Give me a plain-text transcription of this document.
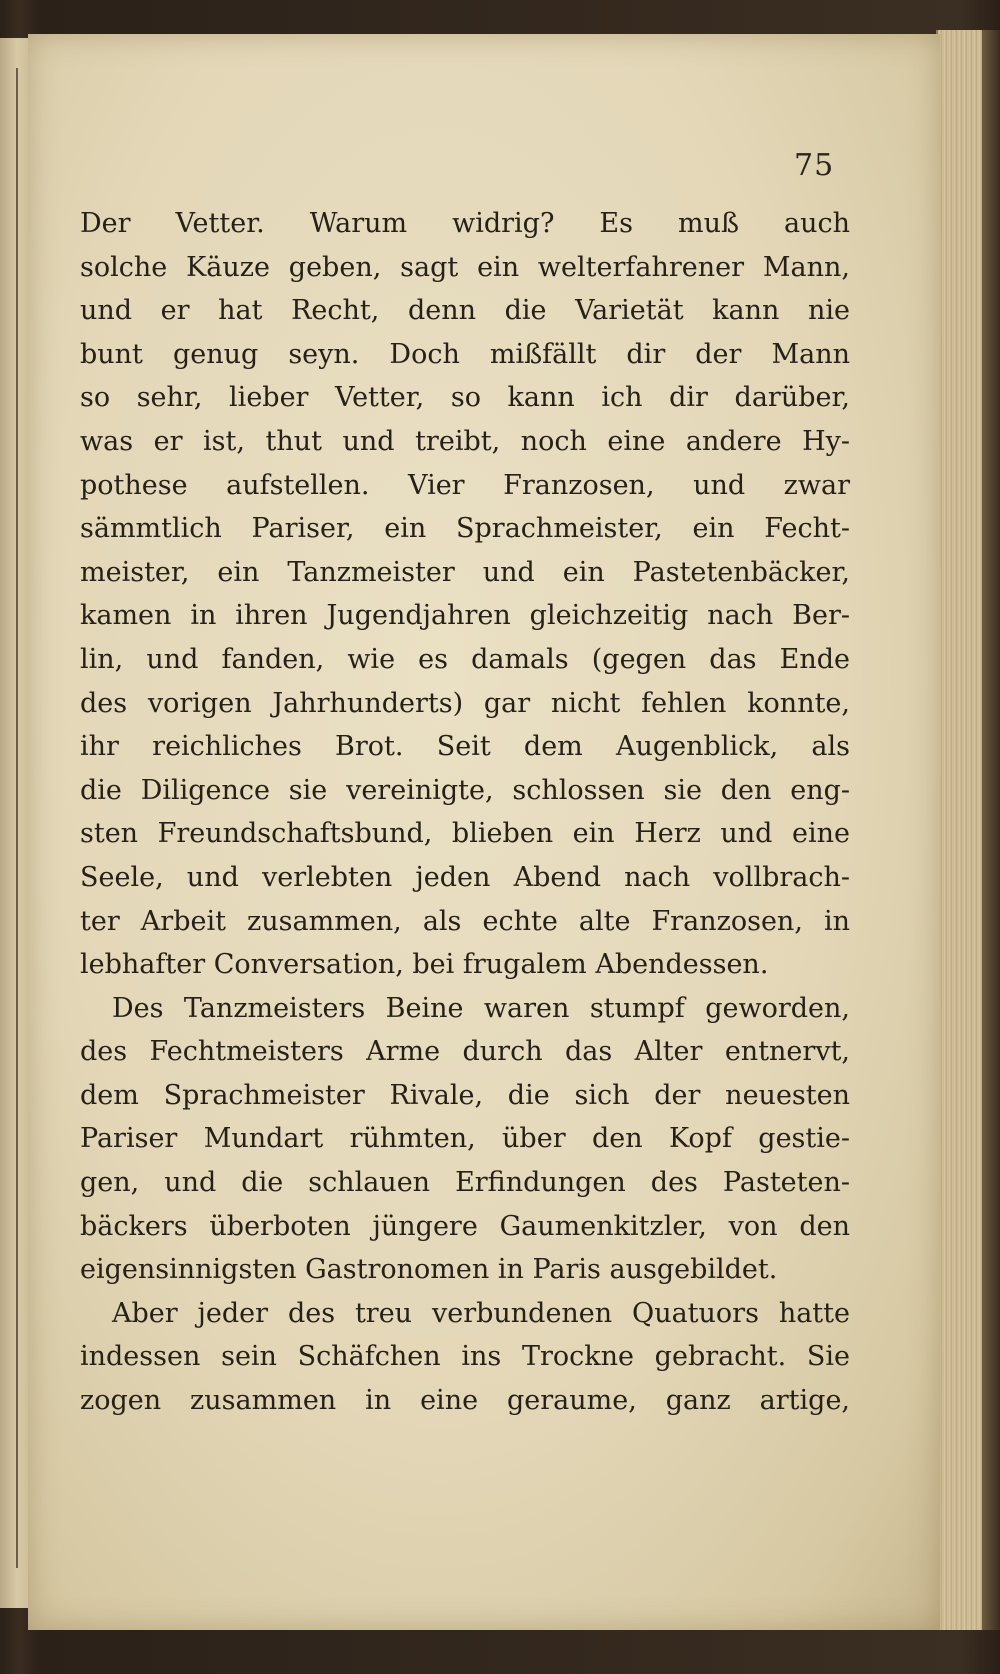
75
Der Vetter. Warum widrig? Es muß auch
solche Käuze geben, sagt ein welterfahrener Mann,
und er hat Recht, denn die Varietät kann nie
bunt genug seyn. Doch mißfällt dir der Mann
so sehr, lieber Vetter, so kann ich dir darüber,
was er ist, thut und treibt, noch eine andere Hy-
pothese aufstellen. Vier Franzosen, und zwar
sämmtlich Pariser, ein Sprachmeister, ein Fecht-
meister, ein Tanzmeister und ein Pastetenbäcker,
kamen in ihren Jugendjahren gleichzeitig nach Ber-
lin, und fanden, wie es damals (gegen das Ende
des vorigen Jahrhunderts) gar nicht fehlen konnte,
ihr reichliches Brot. Seit dem Augenblick, als
die Diligence sie vereinigte, schlossen sie den eng-
sten Freundschaftsbund, blieben ein Herz und eine
Seele, und verlebten jeden Abend nach vollbrach-
ter Arbeit zusammen, als echte alte Franzosen, in
lebhafter Conversation, bei frugalem Abendessen.
Des Tanzmeisters Beine waren stumpf geworden,
des Fechtmeisters Arme durch das Alter entnervt,
dem Sprachmeister Rivale, die sich der neuesten
Pariser Mundart rühmten, über den Kopf gestie-
gen, und die schlauen Erfindungen des Pasteten-
bäckers überboten jüngere Gaumenkitzler, von den
eigensinnigsten Gastronomen in Paris ausgebildet.
Aber jeder des treu verbundenen Quatuors hatte
indessen sein Schäfchen ins Trockne gebracht. Sie
zogen zusammen in eine geraume, ganz artige,
